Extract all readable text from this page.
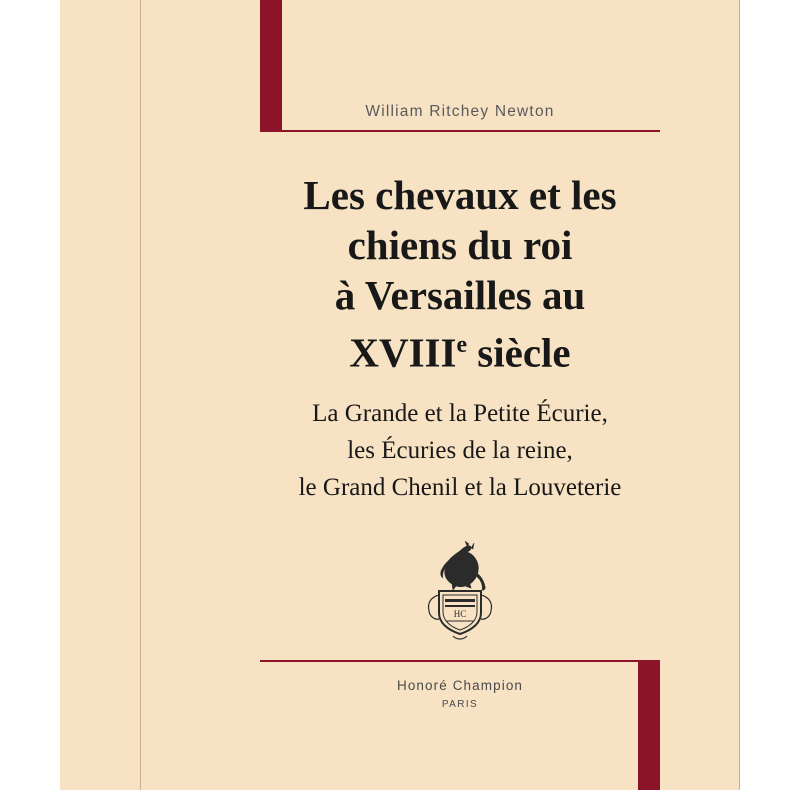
William Ritchey Newton
Les chevaux et les
chiens du roi
à Versailles au
XVIIIe siècle
La Grande et la Petite Écurie,
les Écuries de la reine,
le Grand Chenil et la Louveterie
HC
Honoré Champion
PARIS
